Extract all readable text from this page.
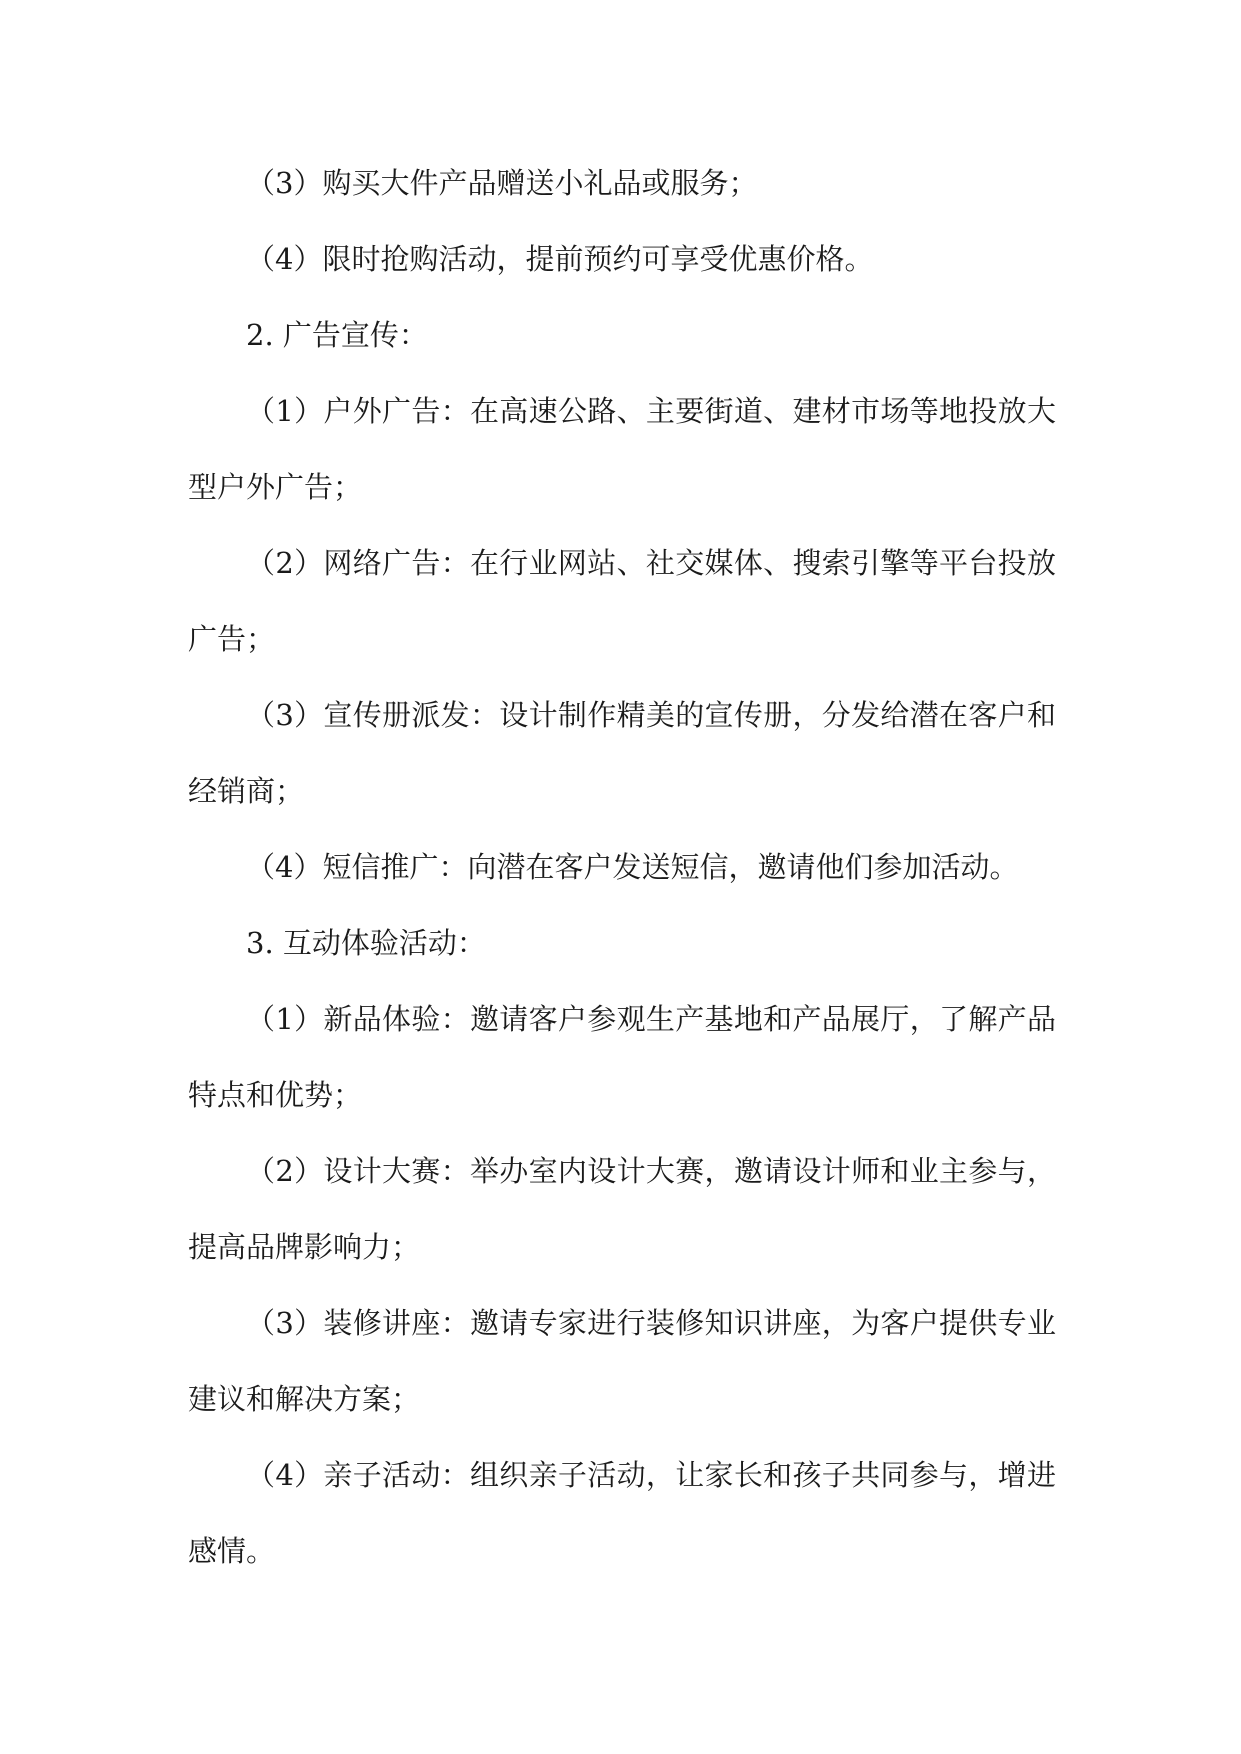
（3）购买大件产品赠送小礼品或服务；

（4）限时抢购活动，提前预约可享受优惠价格。

2. 广告宣传：

（1）户外广告：在高速公路、主要街道、建材市场等地投放大型户外广告；

（2）网络广告：在行业网站、社交媒体、搜索引擎等平台投放广告；

（3）宣传册派发：设计制作精美的宣传册，分发给潜在客户和经销商；

（4）短信推广：向潜在客户发送短信，邀请他们参加活动。

3. 互动体验活动：

（1）新品体验：邀请客户参观生产基地和产品展厅，了解产品特点和优势；

（2）设计大赛：举办室内设计大赛，邀请设计师和业主参与，提高品牌影响力；

（3）装修讲座：邀请专家进行装修知识讲座，为客户提供专业建议和解决方案；

（4）亲子活动：组织亲子活动，让家长和孩子共同参与，增进感情。
